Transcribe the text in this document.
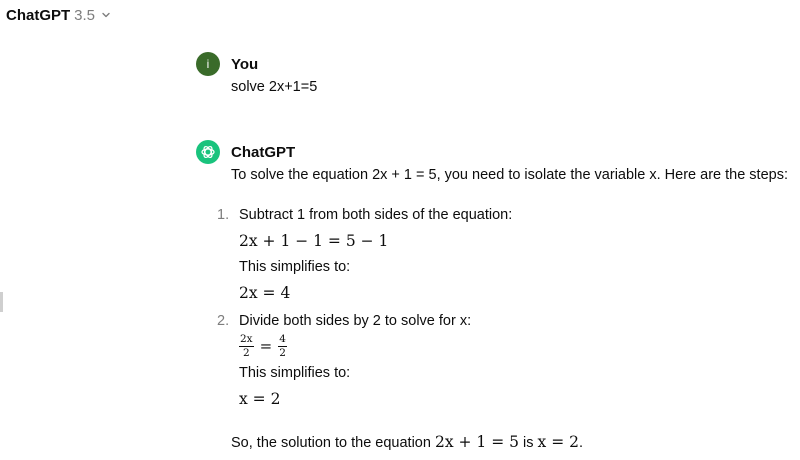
ChatGPT 3.5
i You
solve 2x+1=5
ChatGPT
To solve the equation 2x + 1 = 5, you need to isolate the variable x. Here are the steps:
1. Subtract 1 from both sides of the equation:
2x + 1 − 1 = 5 − 1
This simplifies to:
2x = 4
2. Divide both sides by 2 to solve for x:
$\frac{2x}{2} = \frac{4}{2}$
This simplifies to:
x = 2
So, the solution to the equation 2x + 1 = 5 is x = 2.
